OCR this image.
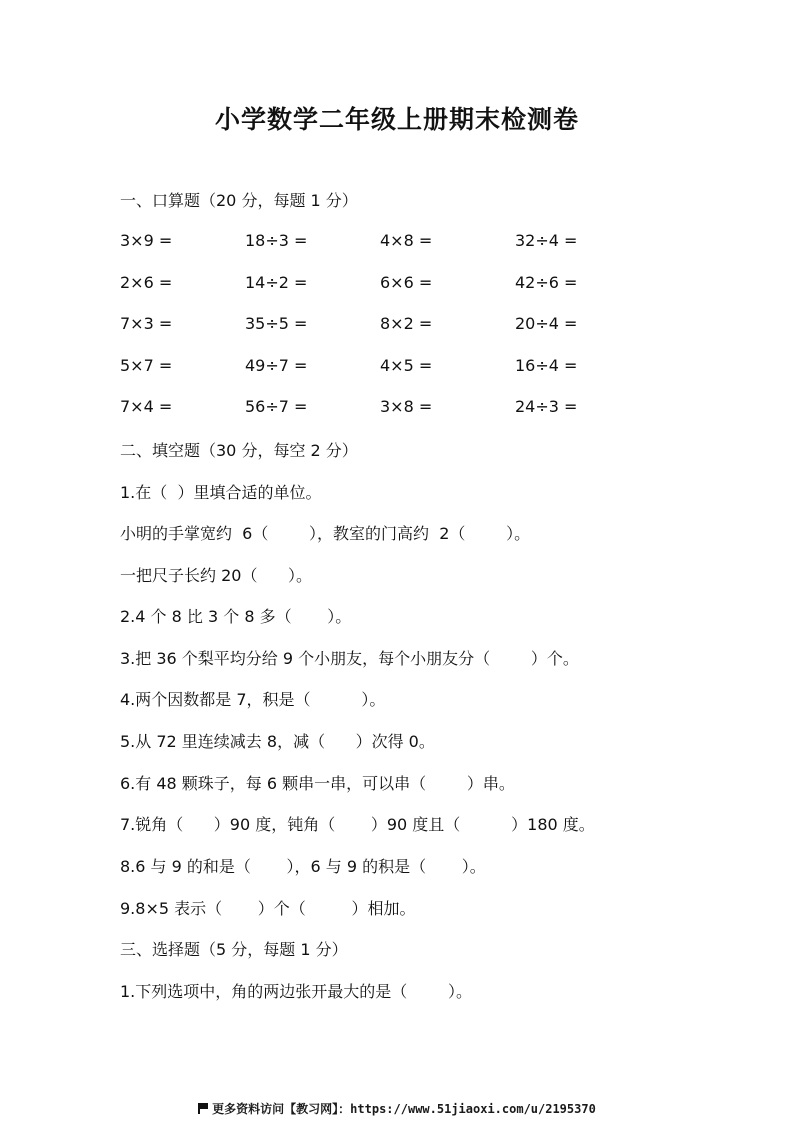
小学数学二年级上册期末检测卷
一、口算题（20 分，每题 1 分）
3×9 =	18÷3 =	4×8 =	32÷4 =
2×6 =	14÷2 =	6×6 =	42÷6 =
7×3 =	35÷5 =	8×2 =	20÷4 =
5×7 =	49÷7 =	4×5 =	16÷4 =
7×4 =	56÷7 =	3×8 =	24÷3 =
二、填空题（30 分，每空 2 分）
1.在（  ）里填合适的单位。
小明的手掌宽约  6（        ），教室的门高约  2（        ）。
一把尺子长约 20（      ）。
2.4 个 8 比 3 个 8 多（       ）。
3.把 36 个梨平均分给 9 个小朋友，每个小朋友分（        ）个。
4.两个因数都是 7，积是（          ）。
5.从 72 里连续减去 8，减（      ）次得 0。
6.有 48 颗珠子，每 6 颗串一串，可以串（        ）串。
7.锐角（      ）90 度，钝角（       ）90 度且（          ）180 度。
8.6 与 9 的和是（       ），6 与 9 的积是（       ）。
9.8×5 表示（       ）个（         ）相加。
三、选择题（5 分，每题 1 分）
1.下列选项中，角的两边张开最大的是（        ）。
更多资料访问【教习网】：https://www.51jiaoxi.com/u/2195370
